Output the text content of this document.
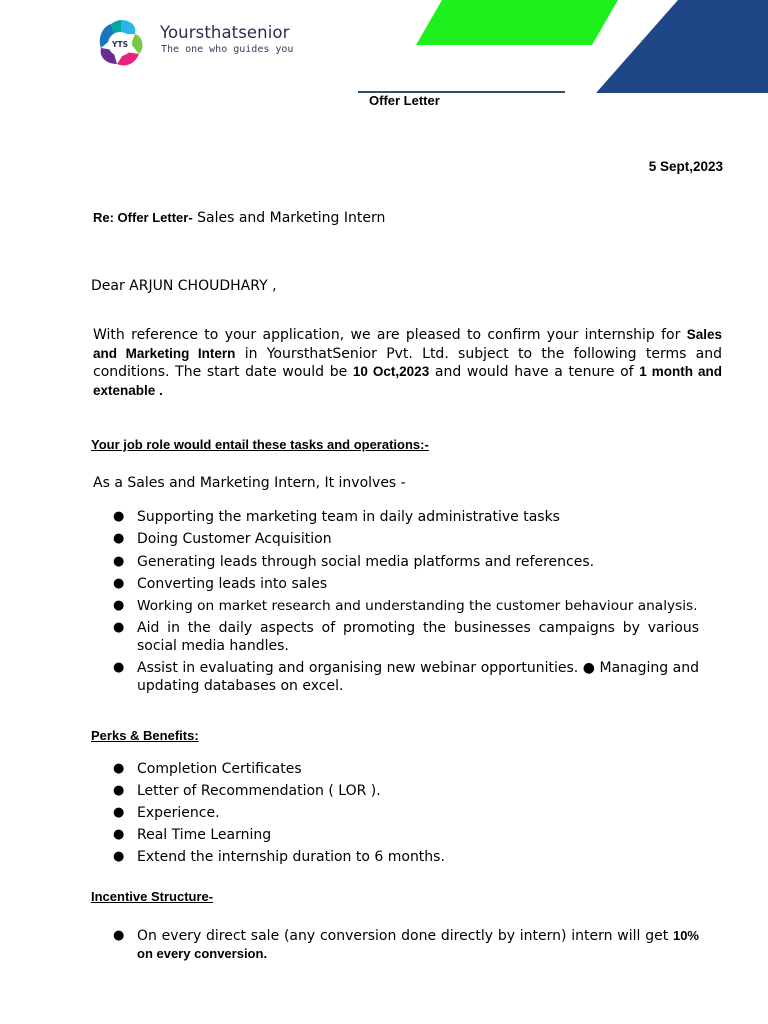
YTS
Yoursthatsenior
The one who guides you
Offer Letter
5 Sept,2023
Re: Offer Letter- Sales and Marketing Intern
Dear ARJUN CHOUDHARY ,
With reference to your application, we are pleased to confirm your internship for Sales and Marketing Intern in YoursthatSenior Pvt. Ltd. subject to the following terms and conditions. The start date would be 10 Oct,2023 and would have a tenure of 1 month and extenable .
Your job role would entail these tasks and operations:-
As a Sales and Marketing Intern, It involves -
● Supporting the marketing team in daily administrative tasks
● Doing Customer Acquisition
● Generating leads through social media platforms and references.
● Converting leads into sales
● Working on market research and understanding the customer behaviour analysis.
● Aid in the daily aspects of promoting the businesses campaigns by various social media handles.
● Assist in evaluating and organising new webinar opportunities. ● Managing and updating databases on excel.
Perks & Benefits:
● Completion Certificates
● Letter of Recommendation ( LOR ).
● Experience.
● Real Time Learning
● Extend the internship duration to 6 months.
Incentive Structure-
● On every direct sale (any conversion done directly by intern) intern will get 10% on every conversion.
